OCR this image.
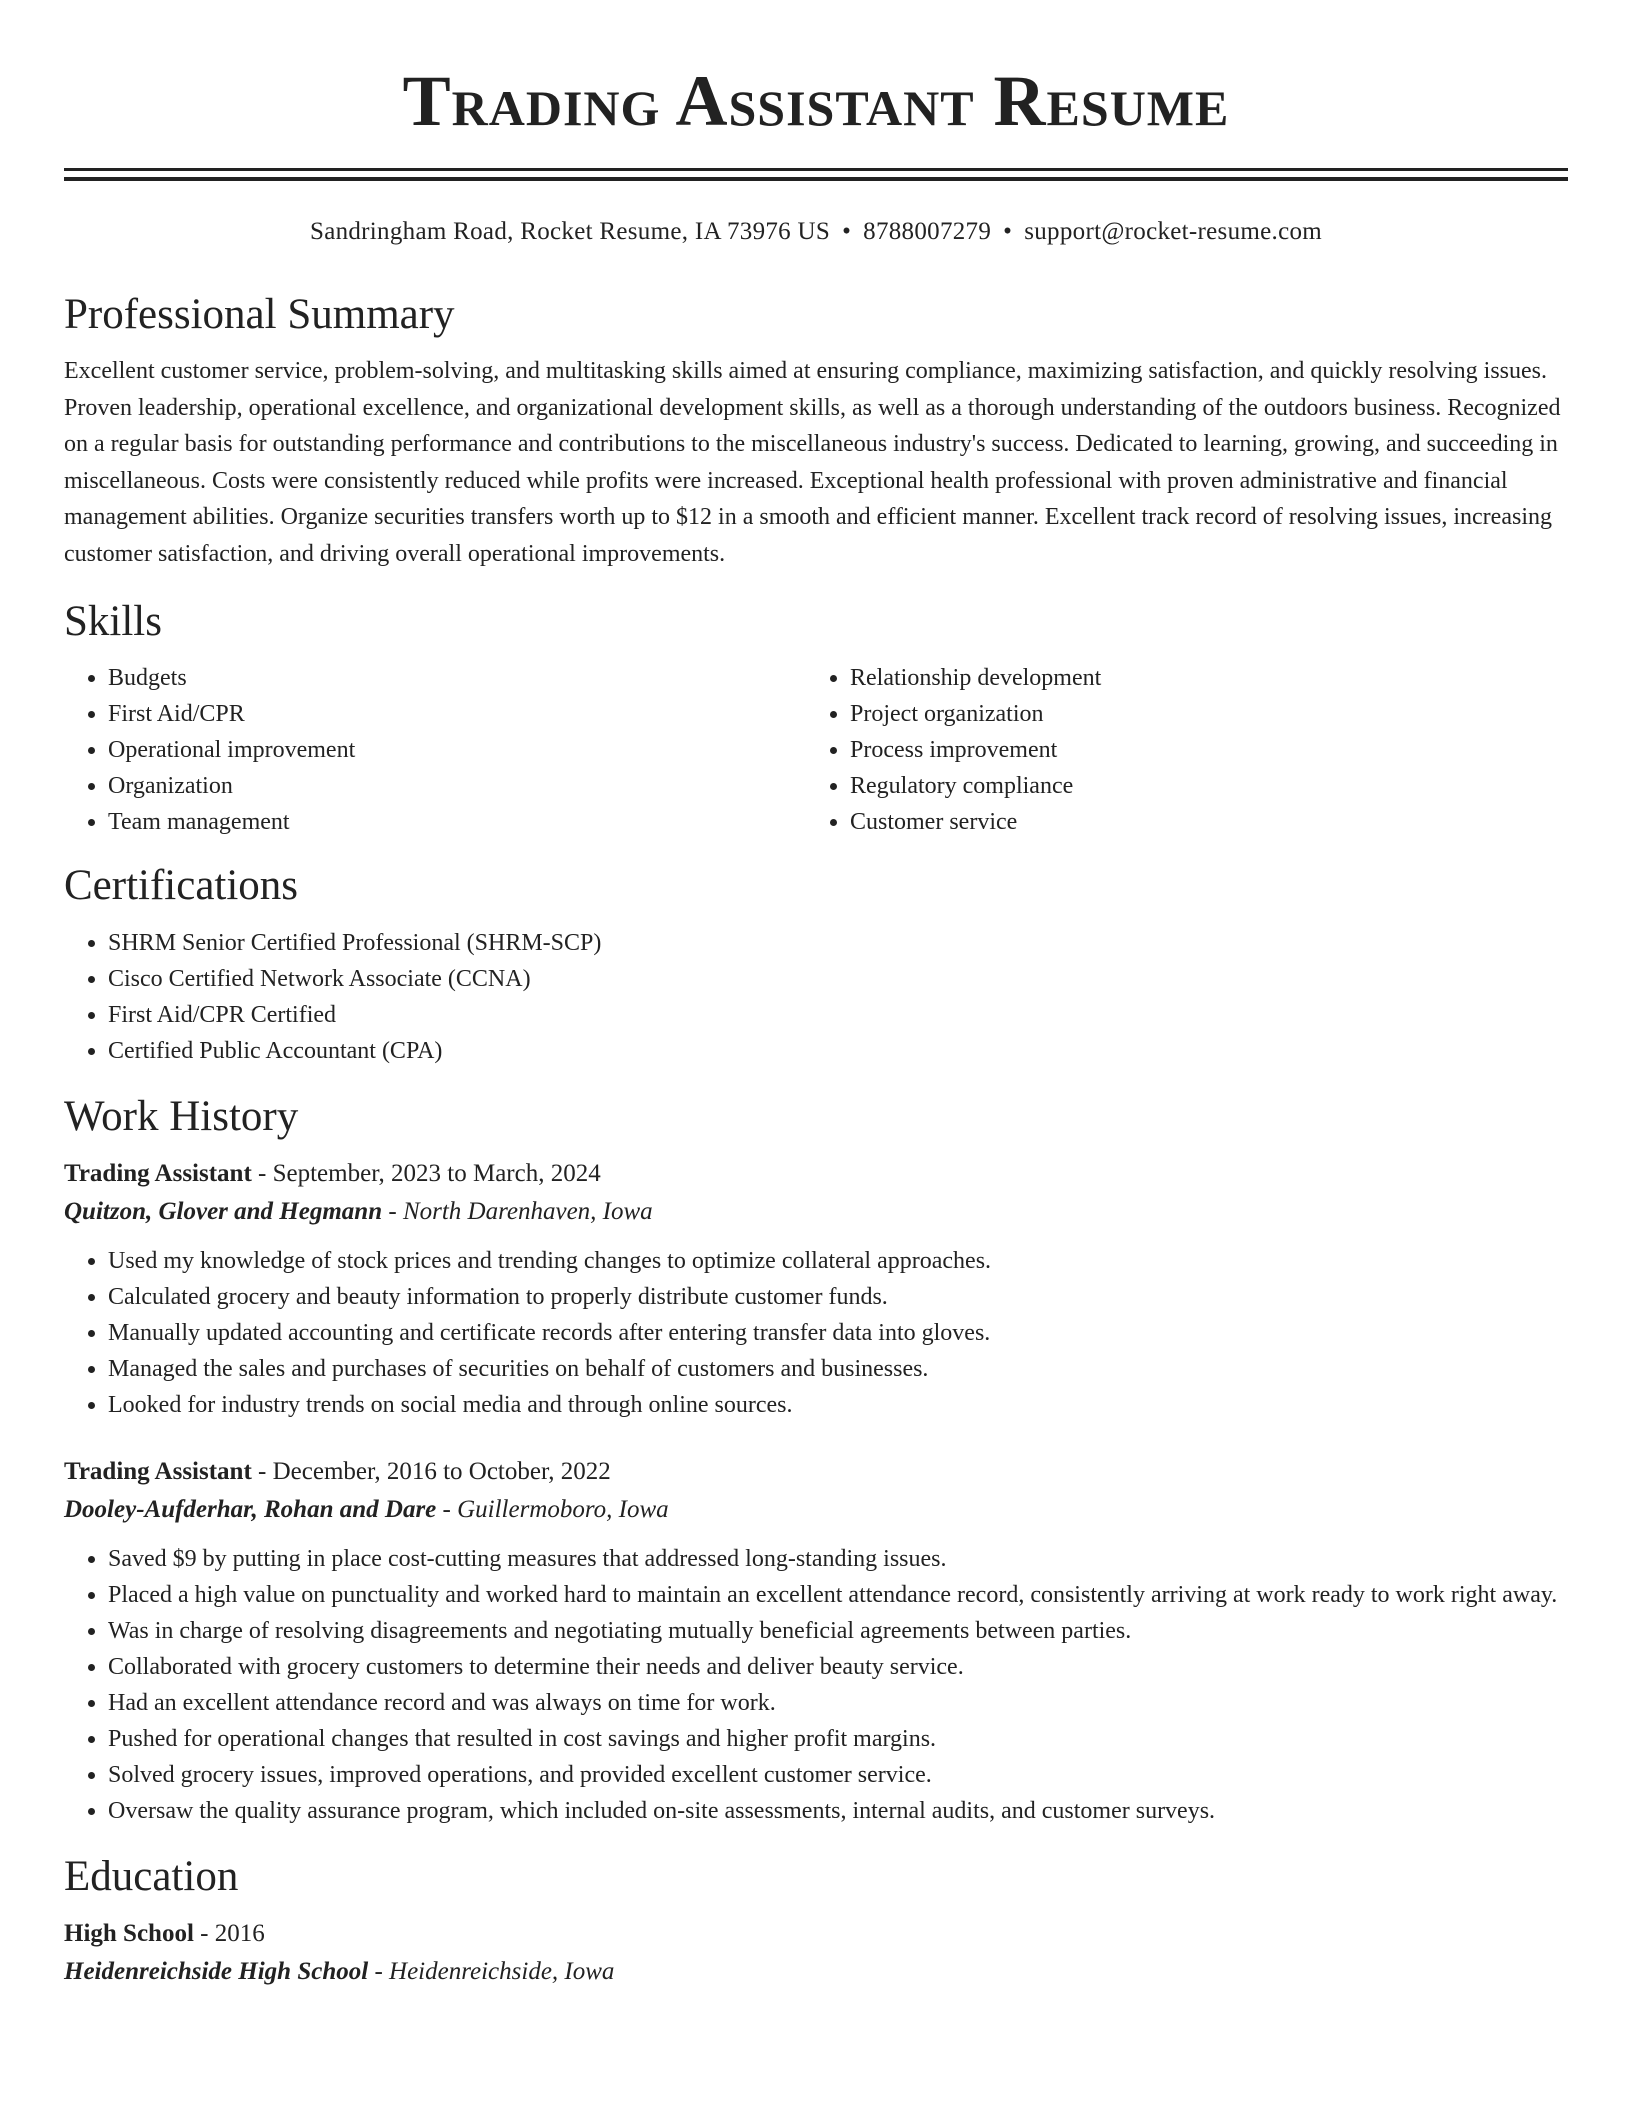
Trading Assistant Resume
Sandringham Road, Rocket Resume, IA 73976 US • 8788007279 • support@rocket-resume.com
Professional Summary

Excellent customer service, problem-solving, and multitasking skills aimed at ensuring compliance, maximizing satisfaction, and quickly resolving issues. Proven leadership, operational excellence, and organizational development skills, as well as a thorough understanding of the outdoors business. Recognized on a regular basis for outstanding performance and contributions to the miscellaneous industry's success. Dedicated to learning, growing, and succeeding in miscellaneous. Costs were consistently reduced while profits were increased. Exceptional health professional with proven administrative and financial management abilities. Organize securities transfers worth up to $12 in a smooth and efficient manner. Excellent track record of resolving issues, increasing customer satisfaction, and driving overall operational improvements.

Skills
• Budgets
• First Aid/CPR
• Operational improvement
• Organization
• Team management
• Relationship development
• Project organization
• Process improvement
• Regulatory compliance
• Customer service
Certifications
• SHRM Senior Certified Professional (SHRM-SCP)
• Cisco Certified Network Associate (CCNA)
• First Aid/CPR Certified
• Certified Public Accountant (CPA)
Work History
Trading Assistant - September, 2023 to March, 2024
Quitzon, Glover and Hegmann - North Darenhaven, Iowa
• Used my knowledge of stock prices and trending changes to optimize collateral approaches.
• Calculated grocery and beauty information to properly distribute customer funds.
• Manually updated accounting and certificate records after entering transfer data into gloves.
• Managed the sales and purchases of securities on behalf of customers and businesses.
• Looked for industry trends on social media and through online sources.
Trading Assistant - December, 2016 to October, 2022
Dooley-Aufderhar, Rohan and Dare - Guillermoboro, Iowa
• Saved $9 by putting in place cost-cutting measures that addressed long-standing issues.
• Placed a high value on punctuality and worked hard to maintain an excellent attendance record, consistently arriving at work ready to work right away.
• Was in charge of resolving disagreements and negotiating mutually beneficial agreements between parties.
• Collaborated with grocery customers to determine their needs and deliver beauty service.
• Had an excellent attendance record and was always on time for work.
• Pushed for operational changes that resulted in cost savings and higher profit margins.
• Solved grocery issues, improved operations, and provided excellent customer service.
• Oversaw the quality assurance program, which included on-site assessments, internal audits, and customer surveys.
Education
High School - 2016
Heidenreichside High School - Heidenreichside, Iowa
